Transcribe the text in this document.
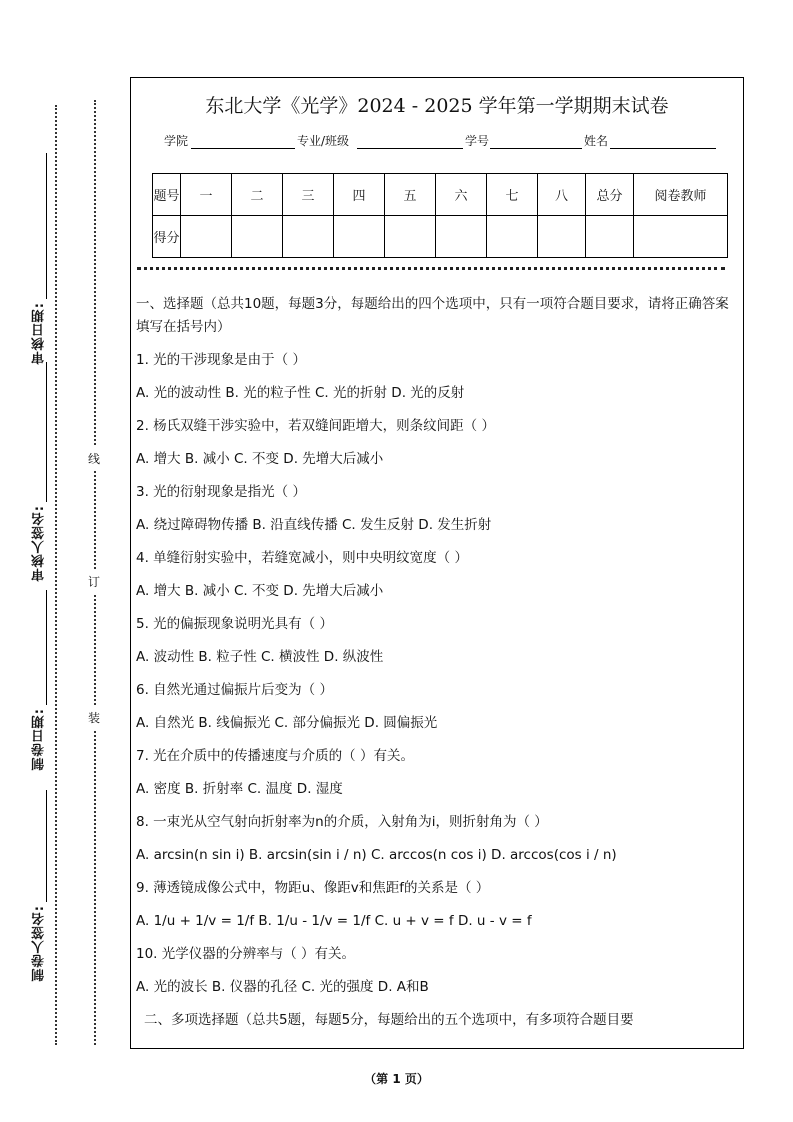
审核日期:
审核人签名:
制卷日期:
制卷人签名:
线
订
装
东北大学《光学》2024 - 2025 学年第一学期期末试卷
学院	专业/班级	学号	姓名
题号	一	二	三	四	五	六	七	八	总分	阅卷教师
得分										

一、选择题（总共10题，每题3分，每题给出的四个选项中，只有一项符合题目要求，请将正确答案填写在括号内）

1. 光的干涉现象是由于（ ）

A. 光的波动性 B. 光的粒子性 C. 光的折射 D. 光的反射

2. 杨氏双缝干涉实验中，若双缝间距增大，则条纹间距（ ）

A. 增大 B. 减小 C. 不变 D. 先增大后减小

3. 光的衍射现象是指光（ ）

A. 绕过障碍物传播 B. 沿直线传播 C. 发生反射 D. 发生折射

4. 单缝衍射实验中，若缝宽减小，则中央明纹宽度（ ）

A. 增大 B. 减小 C. 不变 D. 先增大后减小

5. 光的偏振现象说明光具有（ ）

A. 波动性 B. 粒子性 C. 横波性 D. 纵波性

6. 自然光通过偏振片后变为（ ）

A. 自然光 B. 线偏振光 C. 部分偏振光 D. 圆偏振光

7. 光在介质中的传播速度与介质的（ ）有关。

A. 密度 B. 折射率 C. 温度 D. 湿度

8. 一束光从空气射向折射率为n的介质，入射角为i，则折射角为（ ）

A. arcsin(n sin i) B. arcsin(sin i / n) C. arccos(n cos i) D. arccos(cos i / n)

9. 薄透镜成像公式中，物距u、像距v和焦距f的关系是（ ）

A. 1/u + 1/v = 1/f B. 1/u - 1/v = 1/f C. u + v = f D. u - v = f

10. 光学仪器的分辨率与（ ）有关。

A. 光的波长 B. 仪器的孔径 C. 光的强度 D. A和B

二、多项选择题（总共5题，每题5分，每题给出的五个选项中，有多项符合题目要

（第 1 页）
